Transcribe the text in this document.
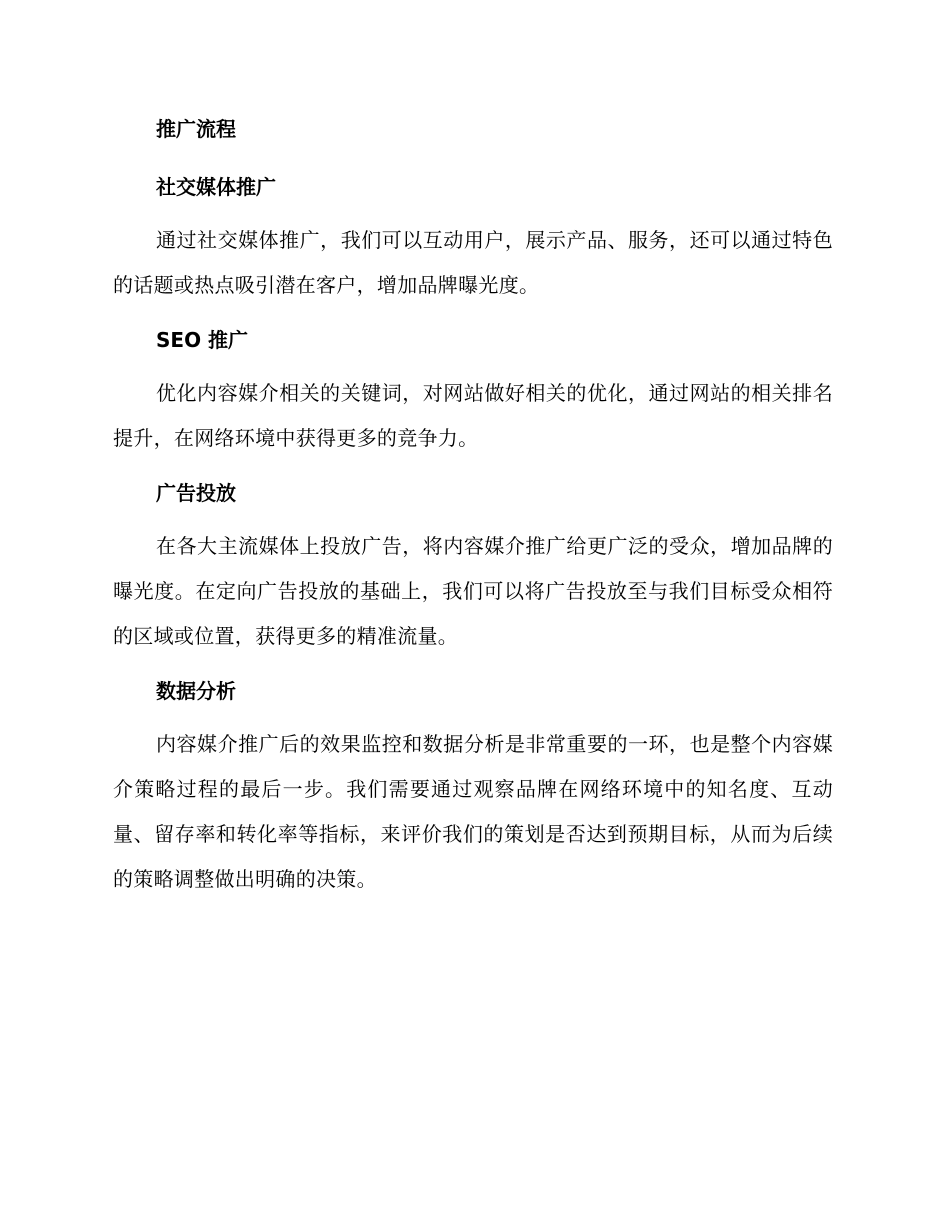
推广流程
社交媒体推广

通过社交媒体推广，我们可以互动用户，展示产品、服务，还可以通过特色的话题或热点吸引潜在客户，增加品牌曝光度。

SEO 推广

优化内容媒介相关的关键词，对网站做好相关的优化，通过网站的相关排名提升，在网络环境中获得更多的竞争力。

广告投放

在各大主流媒体上投放广告，将内容媒介推广给更广泛的受众，增加品牌的曝光度。在定向广告投放的基础上，我们可以将广告投放至与我们目标受众相符的区域或位置，获得更多的精准流量。

数据分析

内容媒介推广后的效果监控和数据分析是非常重要的一环，也是整个内容媒介策略过程的最后一步。我们需要通过观察品牌在网络环境中的知名度、互动量、留存率和转化率等指标，来评价我们的策划是否达到预期目标，从而为后续的策略调整做出明确的决策。
